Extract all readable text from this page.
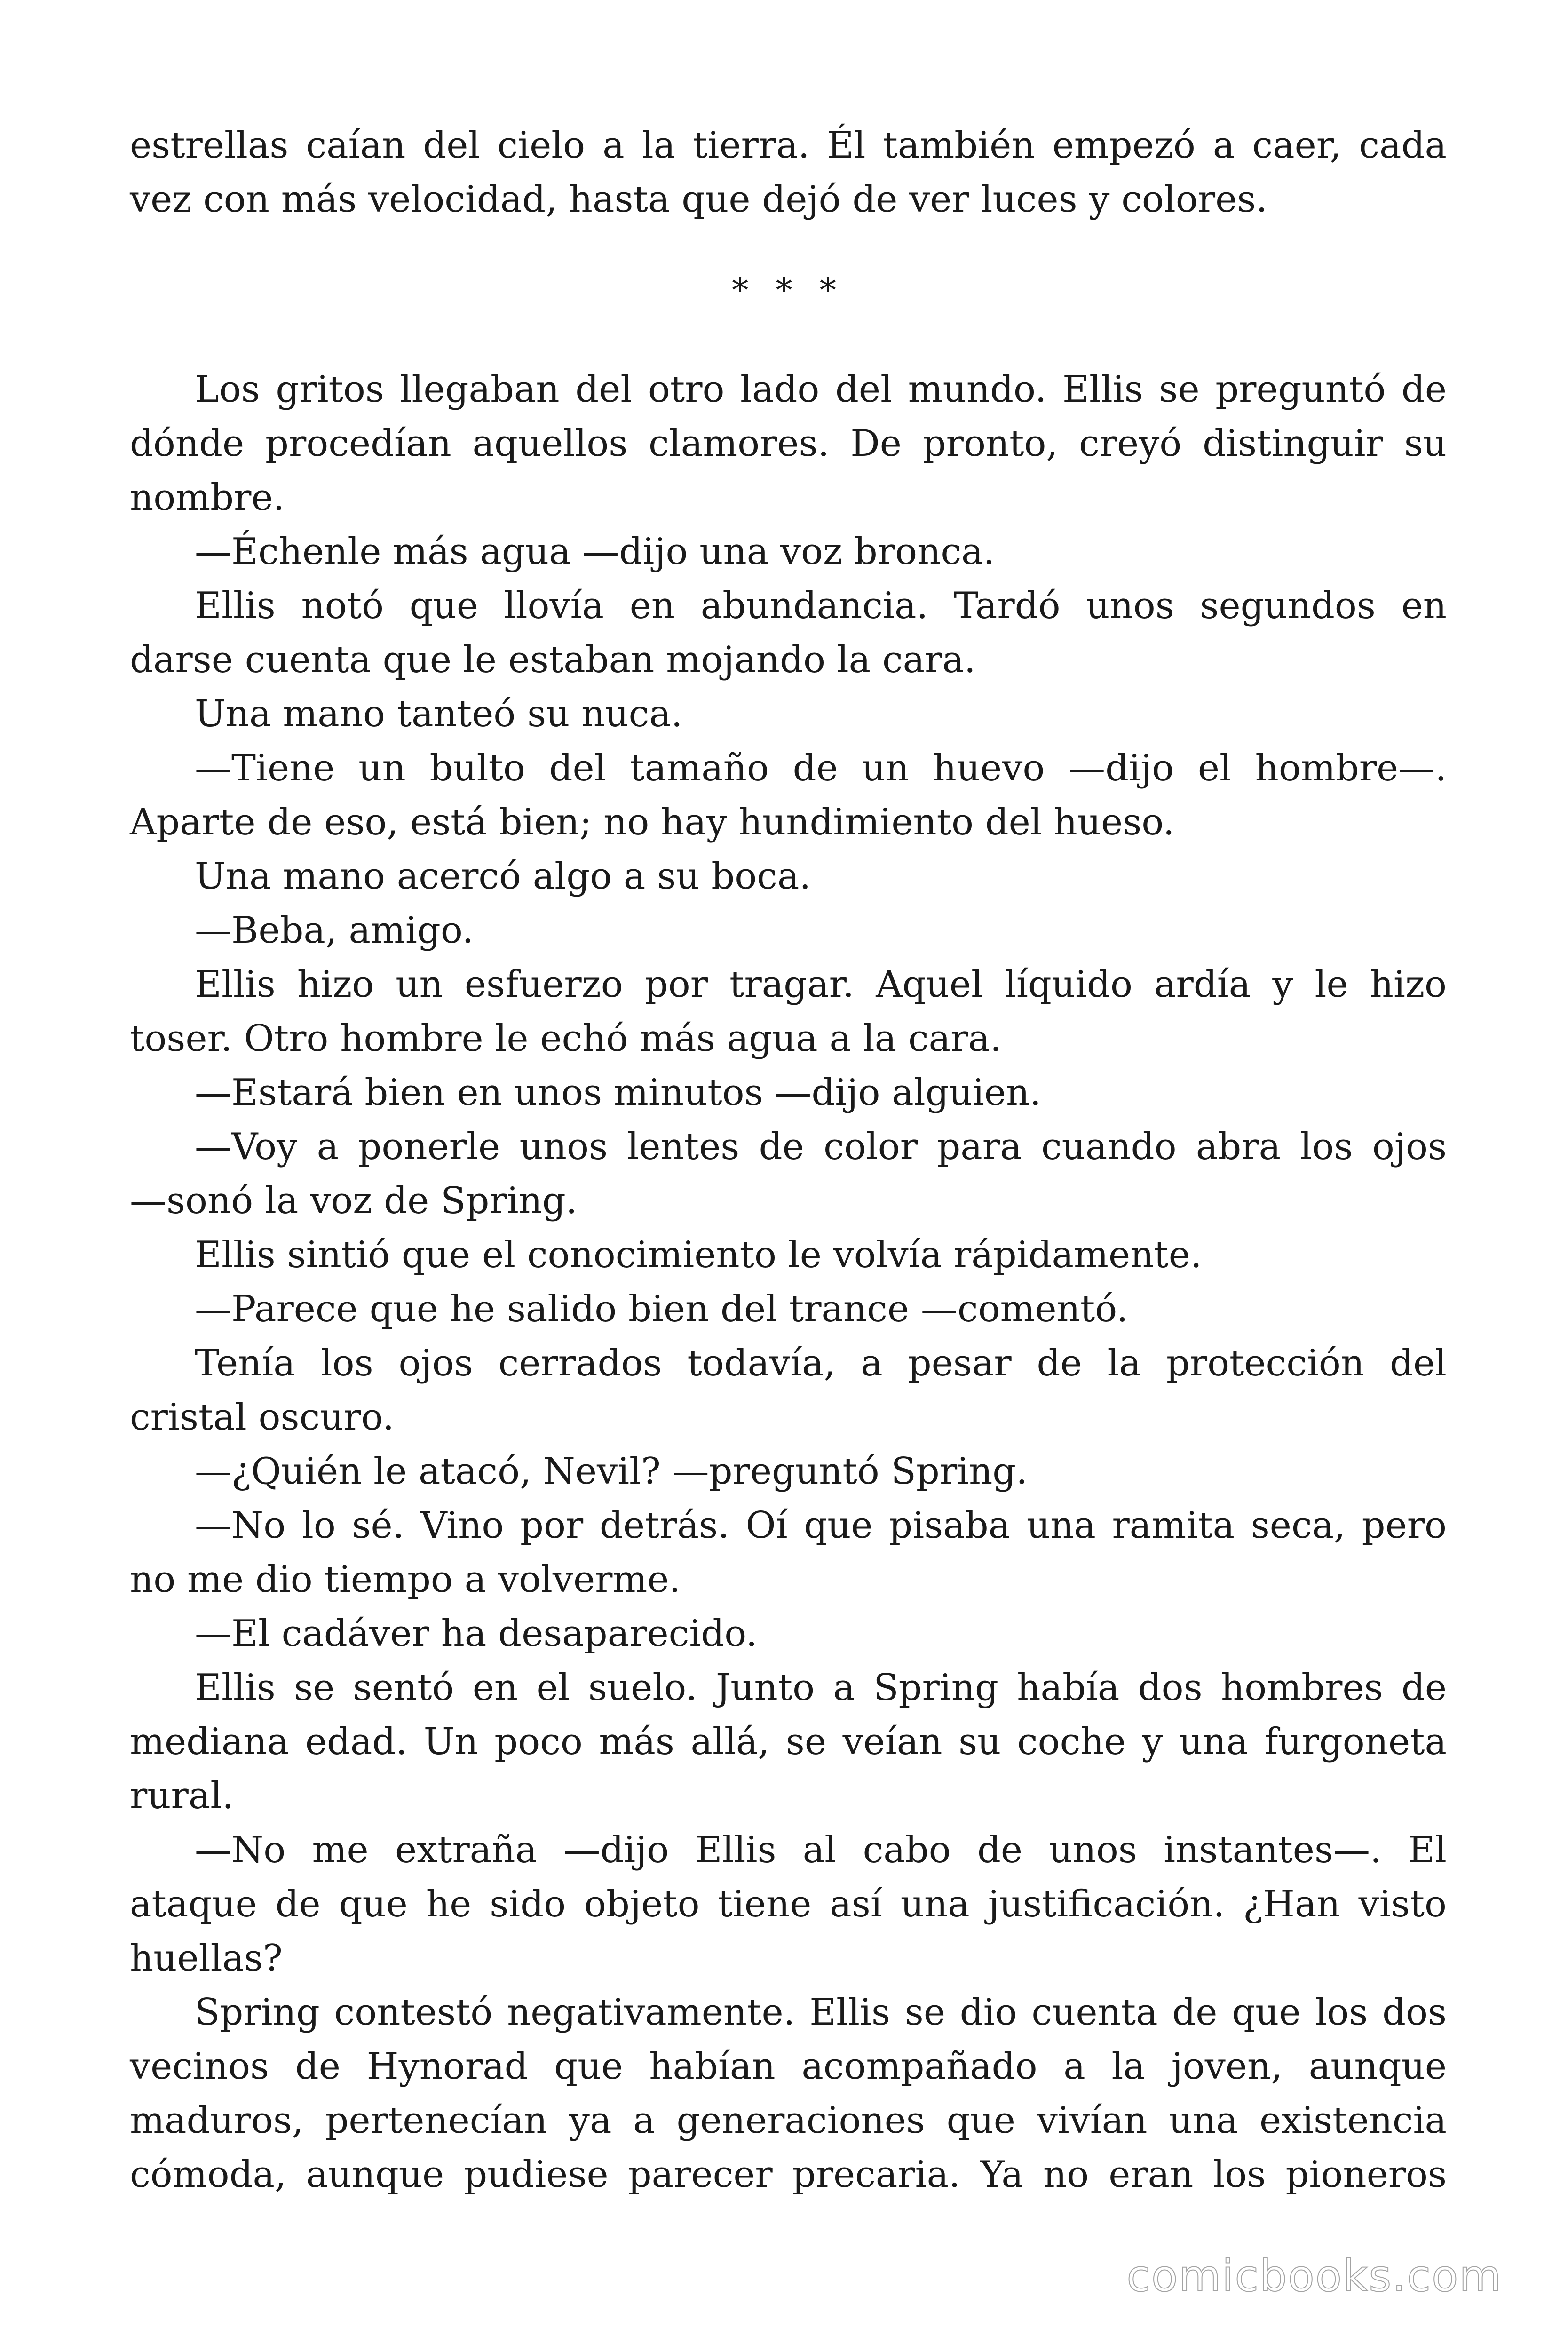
estrellas caían del cielo a la tierra. Él también empezó a caer, cada
vez con más velocidad, hasta que dejó de ver luces y colores.
* * *
Los gritos llegaban del otro lado del mundo. Ellis se preguntó de
dónde procedían aquellos clamores. De pronto, creyó distinguir su
nombre.
—Échenle más agua —dijo una voz bronca.
Ellis notó que llovía en abundancia. Tardó unos segundos en
darse cuenta que le estaban mojando la cara.
Una mano tanteó su nuca.
—Tiene un bulto del tamaño de un huevo —dijo el hombre—.
Aparte de eso, está bien; no hay hundimiento del hueso.
Una mano acercó algo a su boca.
—Beba, amigo.
Ellis hizo un esfuerzo por tragar. Aquel líquido ardía y le hizo
toser. Otro hombre le echó más agua a la cara.
—Estará bien en unos minutos —dijo alguien.
—Voy a ponerle unos lentes de color para cuando abra los ojos
—sonó la voz de Spring.
Ellis sintió que el conocimiento le volvía rápidamente.
—Parece que he salido bien del trance —comentó.
Tenía los ojos cerrados todavía, a pesar de la protección del
cristal oscuro.
—¿Quién le atacó, Nevil? —preguntó Spring.
—No lo sé. Vino por detrás. Oí que pisaba una ramita seca, pero
no me dio tiempo a volverme.
—El cadáver ha desaparecido.
Ellis se sentó en el suelo. Junto a Spring había dos hombres de
mediana edad. Un poco más allá, se veían su coche y una furgoneta
rural.
—No me extraña —dijo Ellis al cabo de unos instantes—. El
ataque de que he sido objeto tiene así una justificación. ¿Han visto
huellas?
Spring contestó negativamente. Ellis se dio cuenta de que los dos
vecinos de Hynorad que habían acompañado a la joven, aunque
maduros, pertenecían ya a generaciones que vivían una existencia
cómoda, aunque pudiese parecer precaria. Ya no eran los pioneros
comicbooks.com
